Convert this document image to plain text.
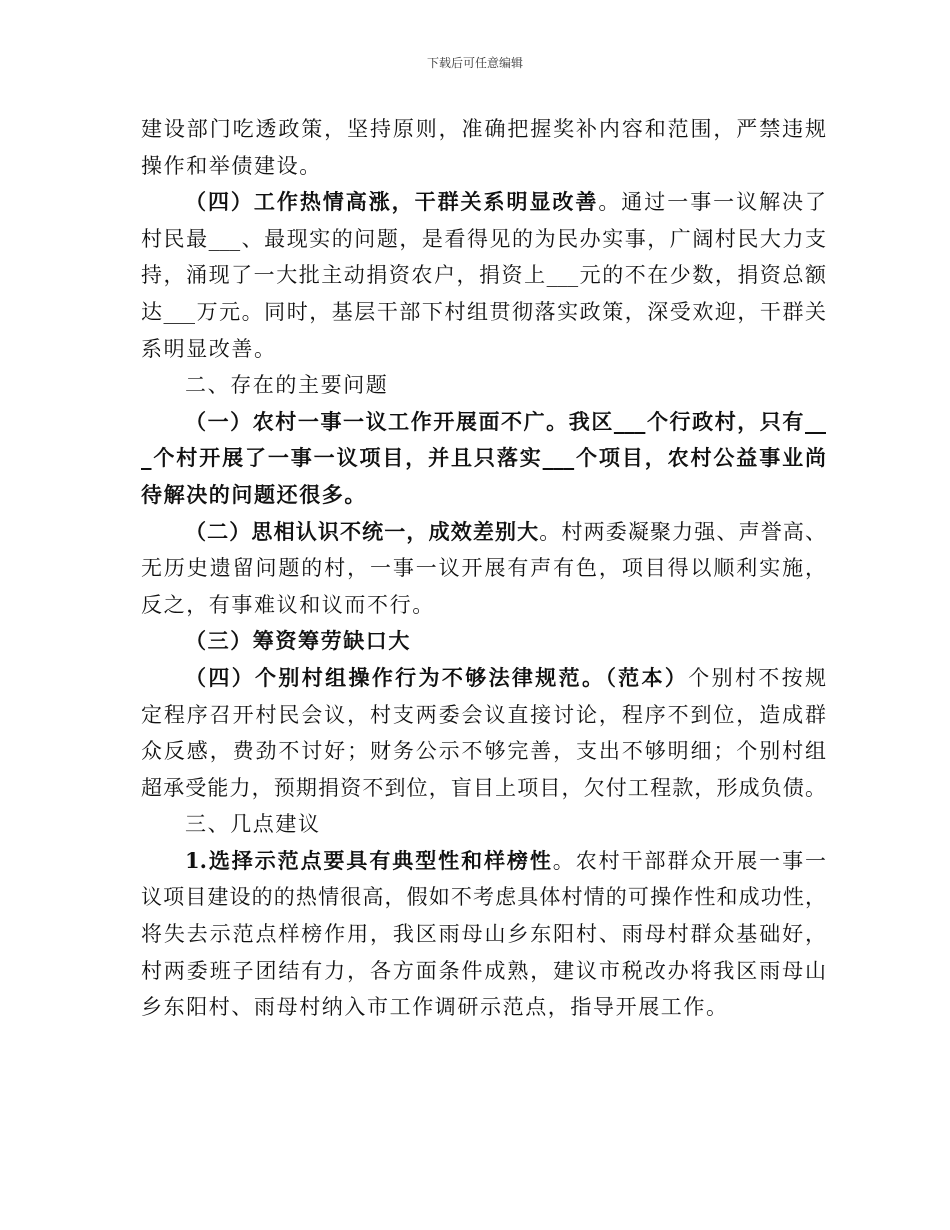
下载后可任意编辑
建设部门吃透政策，坚持原则，准确把握奖补内容和范围，严禁违规
操作和举债建设。
（四）工作热情高涨，干群关系明显改善。通过一事一议解决了
村民最___、最现实的问题，是看得见的为民办实事，广阔村民大力支
持，涌现了一大批主动捐资农户，捐资上___元的不在少数，捐资总额
达___万元。同时，基层干部下村组贯彻落实政策，深受欢迎，干群关
系明显改善。
二、存在的主要问题
（一）农村一事一议工作开展面不广。我区___个行政村，只有__
_个村开展了一事一议项目，并且只落实___个项目，农村公益事业尚
待解决的问题还很多。
（二）思相认识不统一，成效差别大。村两委凝聚力强、声誉高、
无历史遗留问题的村，一事一议开展有声有色，项目得以顺利实施，
反之，有事难议和议而不行。
（三）筹资筹劳缺口大
（四）个别村组操作行为不够法律规范。（范本）个别村不按规
定程序召开村民会议，村支两委会议直接讨论，程序不到位，造成群
众反感，费劲不讨好；财务公示不够完善，支出不够明细；个别村组
超承受能力，预期捐资不到位，盲目上项目，欠付工程款，形成负债。
三、几点建议
1.选择示范点要具有典型性和样榜性。农村干部群众开展一事一
议项目建设的的热情很高，假如不考虑具体村情的可操作性和成功性，
将失去示范点样榜作用，我区雨母山乡东阳村、雨母村群众基础好，
村两委班子团结有力，各方面条件成熟，建议市税改办将我区雨母山
乡东阳村、雨母村纳入市工作调研示范点，指导开展工作。
